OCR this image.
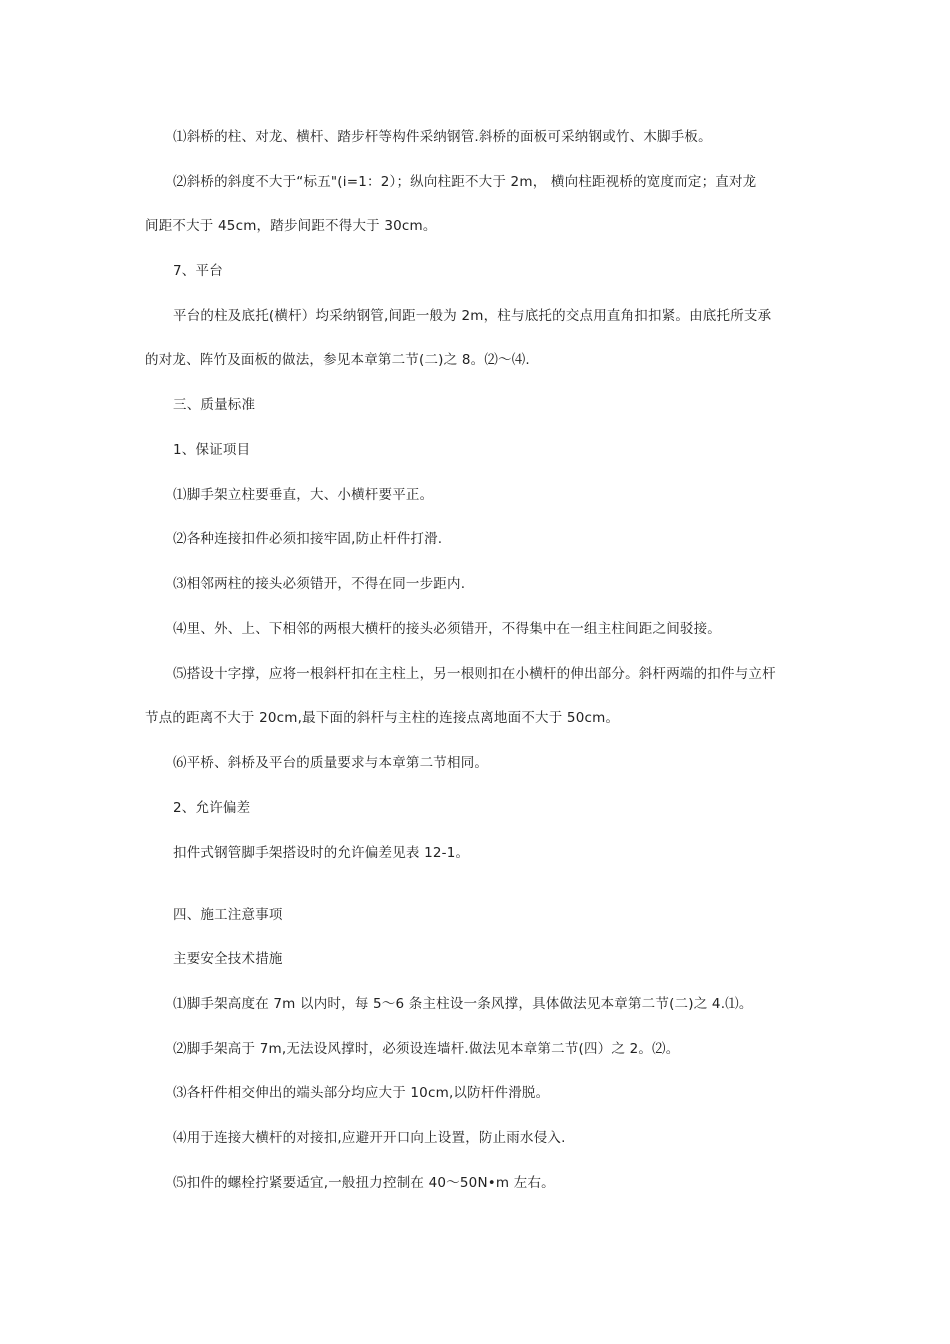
⑴斜桥的柱、对龙、横杆、踏步杆等构件采纳钢管.斜桥的面板可采纳钢或竹、木脚手板。
⑵斜桥的斜度不大于“标五"(i=1：2）；纵向柱距不大于 2m， 横向柱距视桥的宽度而定；直对龙
间距不大于 45cm，踏步间距不得大于 30cm。
7、平台
平台的柱及底托(横杆）均采纳钢管,间距一般为 2m，柱与底托的交点用直角扣扣紧。由底托所支承
的对龙、阵竹及面板的做法，参见本章第二节(二)之 8。⑵～⑷.
三、质量标准
1、保证项目
⑴脚手架立柱要垂直，大、小横杆要平正。
⑵各种连接扣件必须扣接牢固,防止杆件打滑.
⑶相邻两柱的接头必须错开，不得在同一步距内.
⑷里、外、上、下相邻的两根大横杆的接头必须错开，不得集中在一组主柱间距之间驳接。
⑸搭设十字撑，应将一根斜杆扣在主柱上，另一根则扣在小横杆的伸出部分。斜杆两端的扣件与立杆
节点的距离不大于 20cm,最下面的斜杆与主柱的连接点离地面不大于 50cm。
⑹平桥、斜桥及平台的质量要求与本章第二节相同。
2、允许偏差
扣件式钢管脚手架搭设时的允许偏差见表 12-1。
四、施工注意事项
主要安全技术措施
⑴脚手架高度在 7m 以内时，每 5～6 条主柱设一条风撑，具体做法见本章第二节(二)之 4.⑴。
⑵脚手架高于 7m,无法设风撑时，必须设连墙杆.做法见本章第二节(四）之 2。⑵。
⑶各杆件相交伸出的端头部分均应大于 10cm,以防杆件滑脱。
⑷用于连接大横杆的对接扣,应避开开口向上设置，防止雨水侵入.
⑸扣件的螺栓拧紧要适宜,一般扭力控制在 40～50N•m 左右。
